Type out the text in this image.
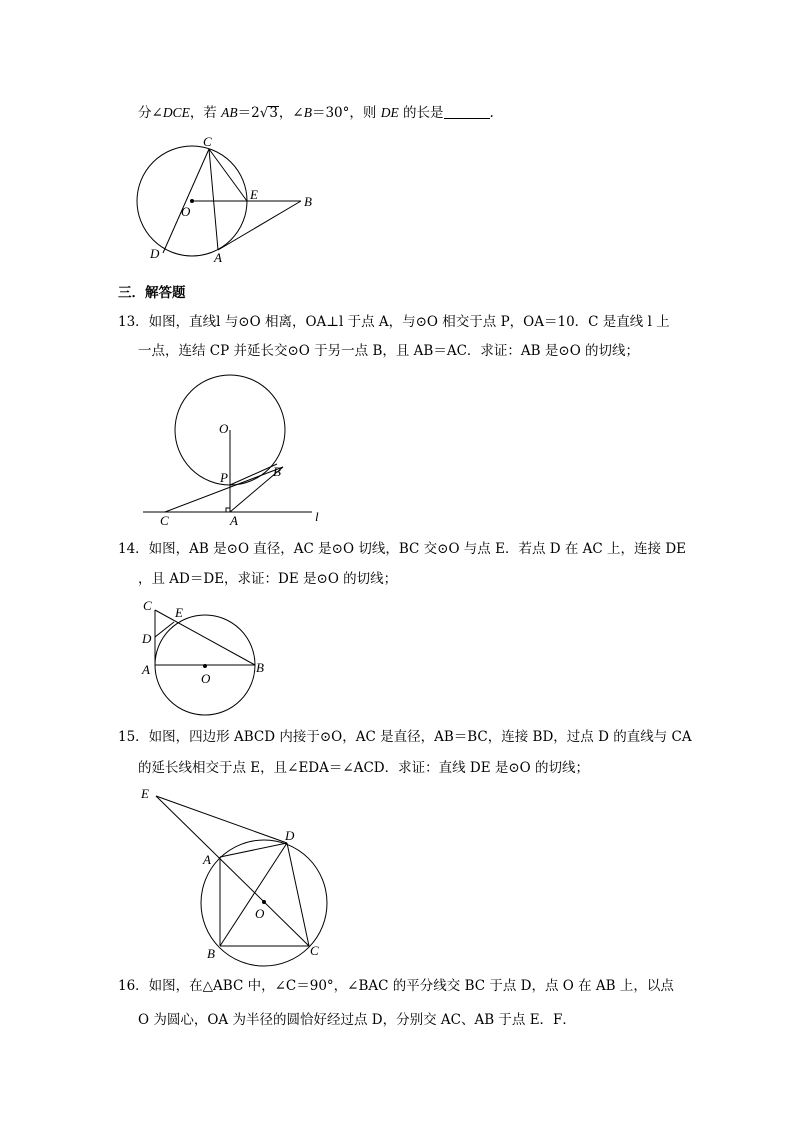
分∠DCE，若 AB＝2√3，∠B＝30°，则 DE 的长是	.
C
E
O
B
D	A
三．解答题
13．如图，直线l 与⊙O 相离，OA⊥l 于点 A，与⊙O 相交于点 P，OA＝10．C 是直线 l 上
一点，连结 CP 并延长交⊙O 于另一点 B，且 AB＝AC．求证：AB 是⊙O 的切线；
O
P	B
C	A	l
14．如图，AB 是⊙O 直径，AC 是⊙O 切线，BC 交⊙O 与点 E．若点 D 在 AC 上，连接 DE
，且 AD＝DE，求证：DE 是⊙O 的切线；
C E
D
A
O
B
15．如图，四边形 ABCD 内接于⊙O，AC 是直径，AB＝BC，连接 BD，过点 D 的直线与 CA
的延长线相交于点 E，且∠EDA＝∠ACD．求证：直线 DE 是⊙O 的切线；
E
D
A
O
B	C
16．如图，在△ABC 中，∠C＝90°，∠BAC 的平分线交 BC 于点 D，点 O 在 AB 上，以点
O 为圆心，OA 为半径的圆恰好经过点 D，分别交 AC、AB 于点 E．F．
